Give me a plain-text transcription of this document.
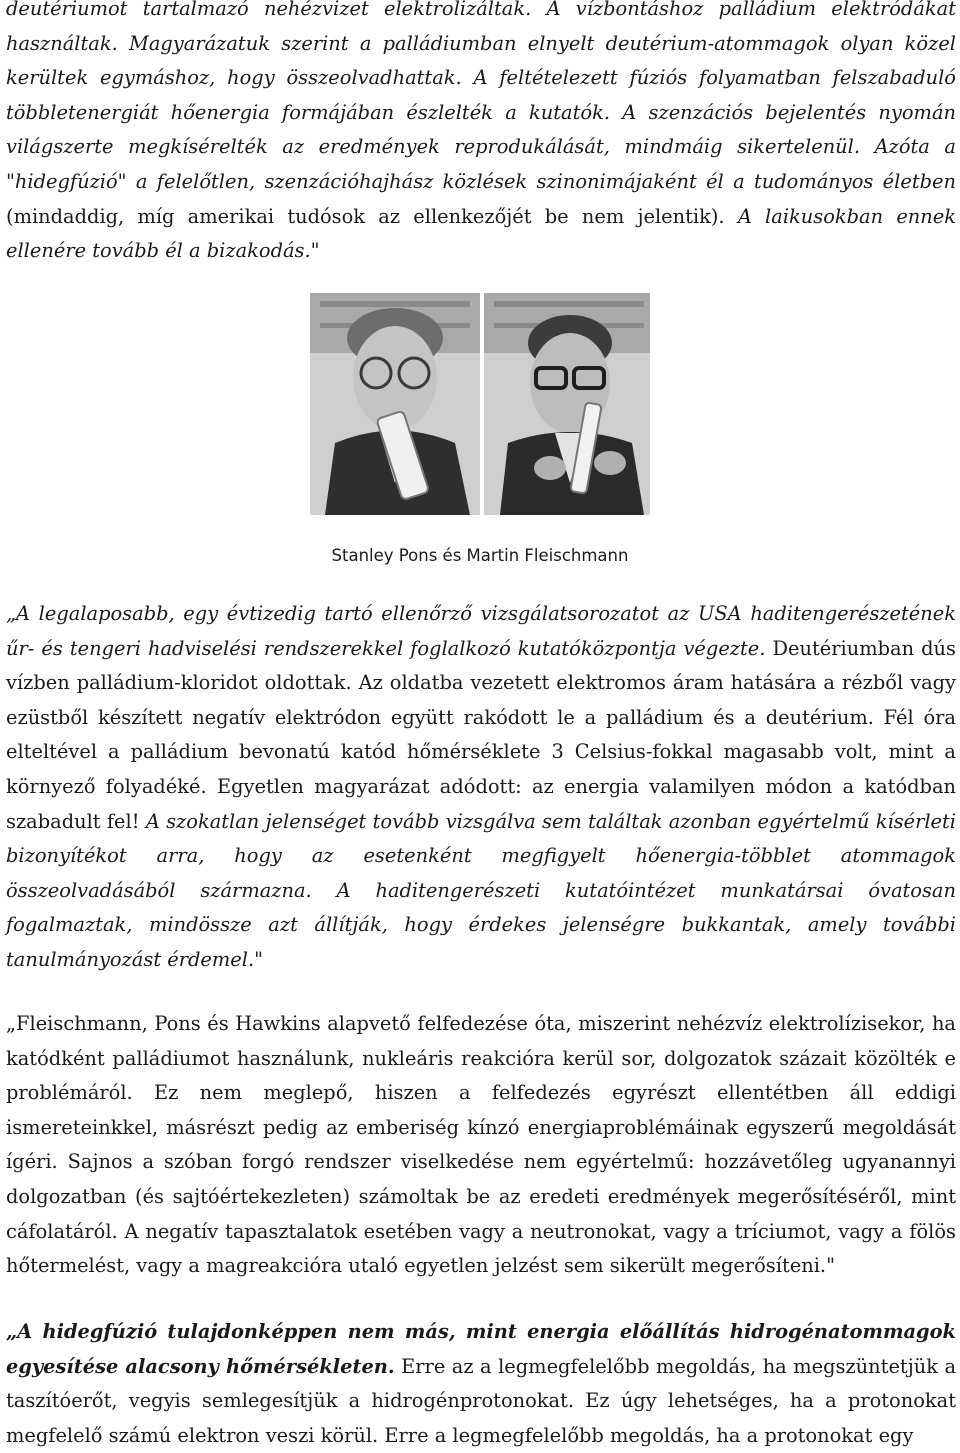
deutériumot tartalmazó nehézvizet elektrolizáltak. A vízbontáshoz palládium elektródákat használtak. Magyarázatuk szerint a palládiumban elnyelt deutérium-atommagok olyan közel kerültek egymáshoz, hogy összeolvadhattak. A feltételezett fúziós folyamatban felszabaduló többletenergiát hőenergia formájában észlelték a kutatók. A szenzációs bejelentés nyomán világszerte megkísérelték az eredmények reprodukálását, mindmáig sikertelenül. Azóta a "hidegfúzió" a felelőtlen, szenzációhajhász közlések szinonimájaként él a tudományos életben (mindaddig, míg amerikai tudósok az ellenkezőjét be nem jelentik). A laikusokban ennek ellenére tovább él a bizakodás."

Stanley Pons és Martin Fleischmann

„A legalaposabb, egy évtizedig tartó ellenőrző vizsgálatsorozatot az USA haditengerészetének űr- és tengeri hadviselési rendszerekkel foglalkozó kutatóközpontja végezte. Deutériumban dús vízben palládium-kloridot oldottak. Az oldatba vezetett elektromos áram hatására a rézből vagy ezüstből készített negatív elektródon együtt rakódott le a palládium és a deutérium. Fél óra elteltével a palládium bevonatú katód hőmérséklete 3 Celsius-fokkal magasabb volt, mint a környező folyadéké. Egyetlen magyarázat adódott: az energia valamilyen módon a katódban szabadult fel! A szokatlan jelenséget tovább vizsgálva sem találtak azonban egyértelmű kísérleti bizonyítékot arra, hogy az esetenként megfigyelt hőenergia-többlet atommagok összeolvadásából származna. A haditengerészeti kutatóintézet munkatársai óvatosan fogalmaztak, mindössze azt állítják, hogy érdekes jelenségre bukkantak, amely további tanulmányozást érdemel."

„Fleischmann, Pons és Hawkins alapvető felfedezése óta, miszerint nehézvíz elektrolízisekor, ha katódként palládiumot használunk, nukleáris reakcióra kerül sor, dolgozatok százait közölték e problémáról. Ez nem meglepő, hiszen a felfedezés egyrészt ellentétben áll eddigi ismereteinkkel, másrészt pedig az emberiség kínzó energiaproblémáinak egyszerű megoldását ígéri. Sajnos a szóban forgó rendszer viselkedése nem egyértelmű: hozzávetőleg ugyanannyi dolgozatban (és sajtóértekezleten) számoltak be az eredeti eredmények megerősítéséről, mint cáfolatáról. A negatív tapasztalatok esetében vagy a neutronokat, vagy a tríciumot, vagy a fölös hőtermelést, vagy a magreakcióra utaló egyetlen jelzést sem sikerült megerősíteni."

„A hidegfúzió tulajdonképpen nem más, mint energia előállítás hidrogénatommagok egyesítése alacsony hőmérsékleten. Erre az a legmegfelelőbb megoldás, ha megszüntetjük a taszítóerőt, vegyis semlegesítjük a hidrogénprotonokat. Ez úgy lehetséges, ha a protonokat megfelelő számú elektron veszi körül. Erre a legmegfelelőbb megoldás, ha a protonokat egy
